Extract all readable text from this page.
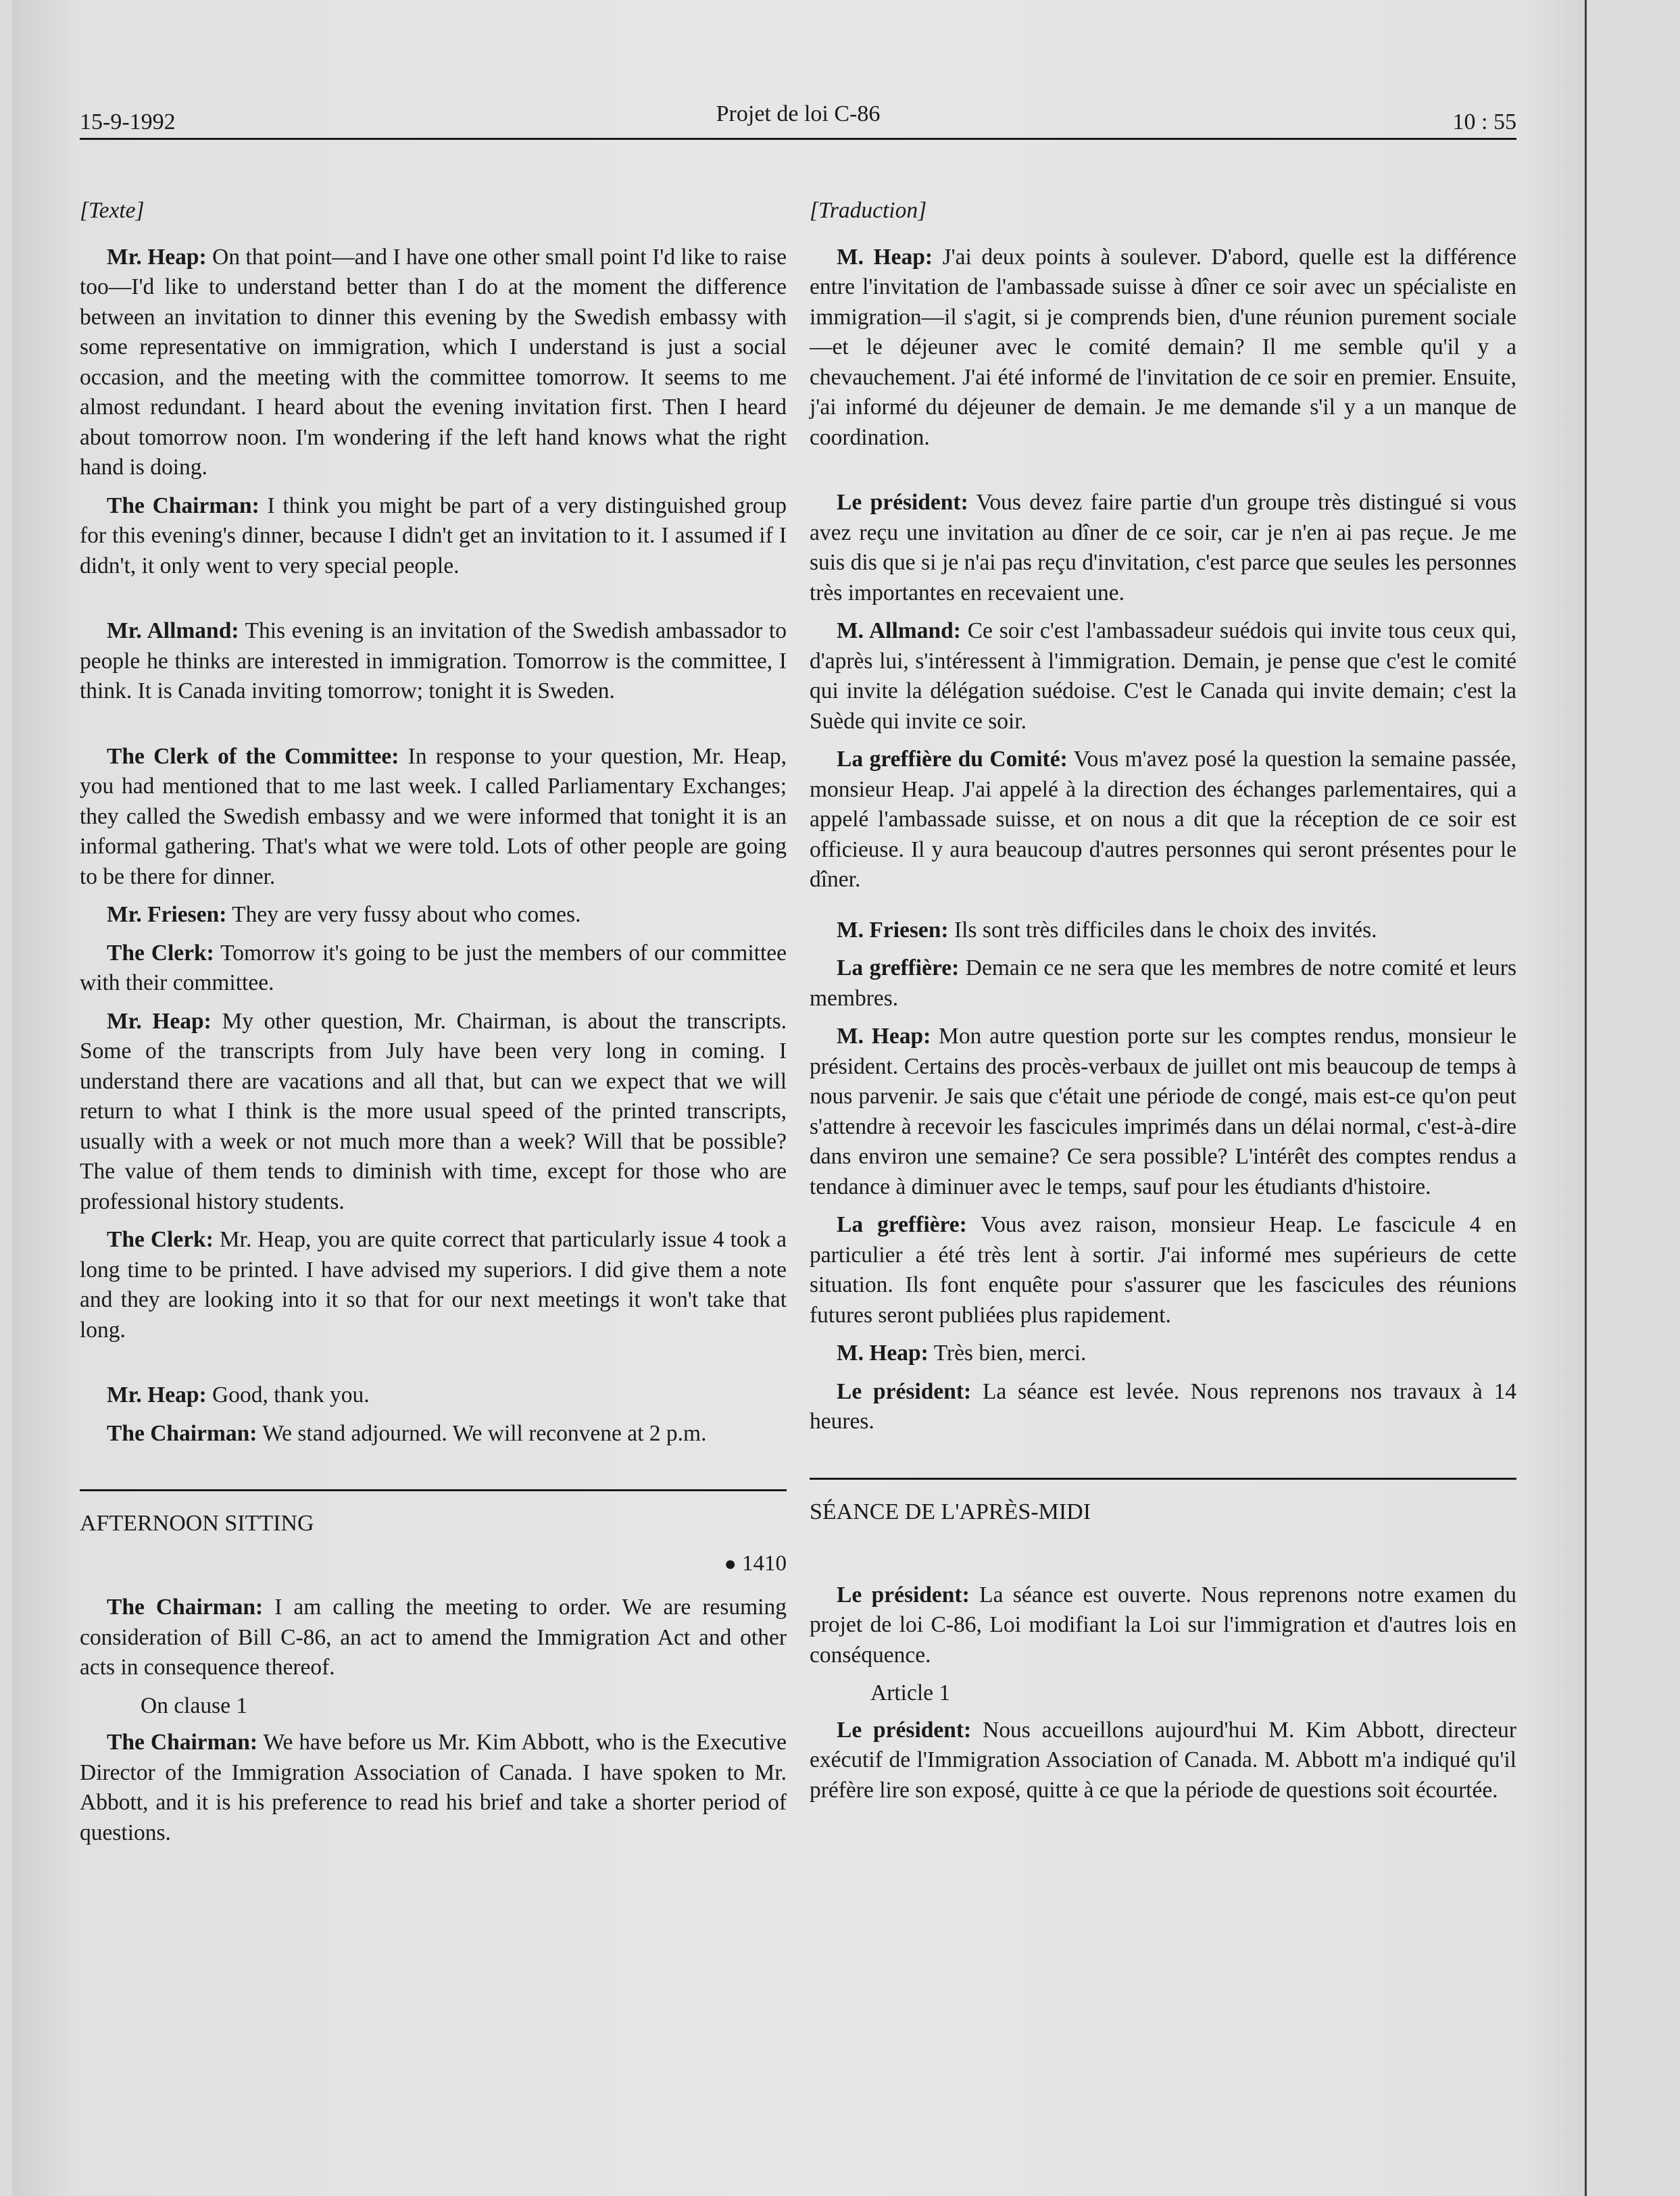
15-9-1992	Projet de loi C-86	10 : 55
[Texte]

Mr. Heap: On that point—and I have one other small point I'd like to raise too—I'd like to understand better than I do at the moment the difference between an invitation to dinner this evening by the Swedish embassy with some representative on immigration, which I understand is just a social occasion, and the meeting with the committee tomorrow. It seems to me almost redundant. I heard about the evening invitation first. Then I heard about tomorrow noon. I'm wondering if the left hand knows what the right hand is doing.

The Chairman: I think you might be part of a very distinguished group for this evening's dinner, because I didn't get an invitation to it. I assumed if I didn't, it only went to very special people.

Mr. Allmand: This evening is an invitation of the Swedish ambassador to people he thinks are interested in immigration. Tomorrow is the committee, I think. It is Canada inviting tomorrow; tonight it is Sweden.

The Clerk of the Committee: In response to your question, Mr. Heap, you had mentioned that to me last week. I called Parliamentary Exchanges; they called the Swedish embassy and we were informed that tonight it is an informal gathering. That's what we were told. Lots of other people are going to be there for dinner.

Mr. Friesen: They are very fussy about who comes.

The Clerk: Tomorrow it's going to be just the members of our committee with their committee.

Mr. Heap: My other question, Mr. Chairman, is about the transcripts. Some of the transcripts from July have been very long in coming. I understand there are vacations and all that, but can we expect that we will return to what I think is the more usual speed of the printed transcripts, usually with a week or not much more than a week? Will that be possible? The value of them tends to diminish with time, except for those who are professional history students.

The Clerk: Mr. Heap, you are quite correct that particularly issue 4 took a long time to be printed. I have advised my superiors. I did give them a note and they are looking into it so that for our next meetings it won't take that long.

Mr. Heap: Good, thank you.

The Chairman: We stand adjourned. We will reconvene at 2 p.m.

AFTERNOON SITTING
● 1410

The Chairman: I am calling the meeting to order. We are resuming consideration of Bill C-86, an act to amend the Immigration Act and other acts in consequence thereof.

On clause 1

The Chairman: We have before us Mr. Kim Abbott, who is the Executive Director of the Immigration Association of Canada. I have spoken to Mr. Abbott, and it is his preference to read his brief and take a shorter period of questions.

[Traduction]

M. Heap: J'ai deux points à soulever. D'abord, quelle est la différence entre l'invitation de l'ambassade suisse à dîner ce soir avec un spécialiste en immigration—il s'agit, si je comprends bien, d'une réunion purement sociale—et le déjeuner avec le comité demain? Il me semble qu'il y a chevauchement. J'ai été informé de l'invitation de ce soir en premier. Ensuite, j'ai informé du déjeuner de demain. Je me demande s'il y a un manque de coordination.

Le président: Vous devez faire partie d'un groupe très distingué si vous avez reçu une invitation au dîner de ce soir, car je n'en ai pas reçue. Je me suis dis que si je n'ai pas reçu d'invitation, c'est parce que seules les personnes très importantes en recevaient une.

M. Allmand: Ce soir c'est l'ambassadeur suédois qui invite tous ceux qui, d'après lui, s'intéressent à l'immigration. Demain, je pense que c'est le comité qui invite la délégation suédoise. C'est le Canada qui invite demain; c'est la Suède qui invite ce soir.

La greffière du Comité: Vous m'avez posé la question la semaine passée, monsieur Heap. J'ai appelé à la direction des échanges parlementaires, qui a appelé l'ambassade suisse, et on nous a dit que la réception de ce soir est officieuse. Il y aura beaucoup d'autres personnes qui seront présentes pour le dîner.

M. Friesen: Ils sont très difficiles dans le choix des invités.

La greffière: Demain ce ne sera que les membres de notre comité et leurs membres.

M. Heap: Mon autre question porte sur les comptes rendus, monsieur le président. Certains des procès-verbaux de juillet ont mis beaucoup de temps à nous parvenir. Je sais que c'était une période de congé, mais est-ce qu'on peut s'attendre à recevoir les fascicules imprimés dans un délai normal, c'est-à-dire dans environ une semaine? Ce sera possible? L'intérêt des comptes rendus a tendance à diminuer avec le temps, sauf pour les étudiants d'histoire.

La greffière: Vous avez raison, monsieur Heap. Le fascicule 4 en particulier a été très lent à sortir. J'ai informé mes supérieurs de cette situation. Ils font enquête pour s'assurer que les fascicules des réunions futures seront publiées plus rapidement.

M. Heap: Très bien, merci.

Le président: La séance est levée. Nous reprenons nos travaux à 14 heures.

SÉANCE DE L'APRÈS-MIDI

Le président: La séance est ouverte. Nous reprenons notre examen du projet de loi C-86, Loi modifiant la Loi sur l'immigration et d'autres lois en conséquence.

Article 1

Le président: Nous accueillons aujourd'hui M. Kim Abbott, directeur exécutif de l'Immigration Association of Canada. M. Abbott m'a indiqué qu'il préfère lire son exposé, quitte à ce que la période de questions soit écourtée.
